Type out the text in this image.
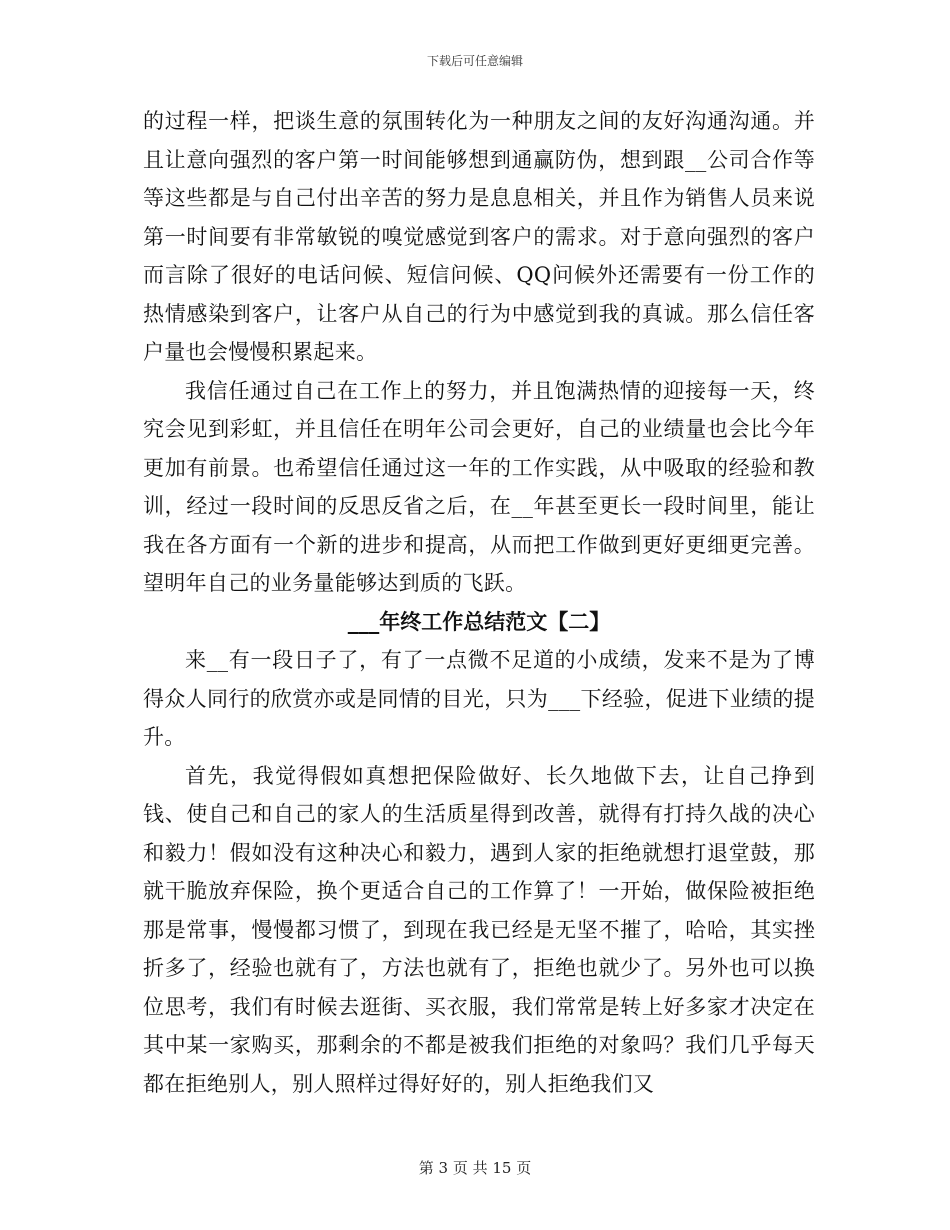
下载后可任意编辑

的过程一样，把谈生意的氛围转化为一种朋友之间的友好沟通沟通。并且让意向强烈的客户第一时间能够想到通赢防伪，想到跟__公司合作等等这些都是与自己付出辛苦的努力是息息相关，并且作为销售人员来说第一时间要有非常敏锐的嗅觉感觉到客户的需求。对于意向强烈的客户而言除了很好的电话问候、短信问候、QQ问候外还需要有一份工作的热情感染到客户，让客户从自己的行为中感觉到我的真诚。那么信任客户量也会慢慢积累起来。

我信任通过自己在工作上的努力，并且饱满热情的迎接每一天，终究会见到彩虹，并且信任在明年公司会更好，自己的业绩量也会比今年更加有前景。也希望信任通过这一年的工作实践，从中吸取的经验和教训，经过一段时间的反思反省之后，在__年甚至更长一段时间里，能让我在各方面有一个新的进步和提高，从而把工作做到更好更细更完善。望明年自己的业务量能够达到质的飞跃。

___年终工作总结范文【二】

来__有一段日子了，有了一点微不足道的小成绩，发来不是为了博得众人同行的欣赏亦或是同情的目光，只为___下经验，促进下业绩的提升。

首先，我觉得假如真想把保险做好、长久地做下去，让自己挣到钱、使自己和自己的家人的生活质星得到改善，就得有打持久战的决心和毅力！假如没有这种决心和毅力，遇到人家的拒绝就想打退堂鼓，那就干脆放弃保险，换个更适合自己的工作算了！一开始，做保险被拒绝那是常事，慢慢都习惯了，到现在我已经是无坚不摧了，哈哈，其实挫折多了，经验也就有了，方法也就有了，拒绝也就少了。另外也可以换位思考，我们有时候去逛街、买衣服，我们常常是转上好多家才决定在其中某一家购买，那剩余的不都是被我们拒绝的对象吗？我们几乎每天都在拒绝别人，别人照样过得好好的，别人拒绝我们又

第 3 页 共 15 页
